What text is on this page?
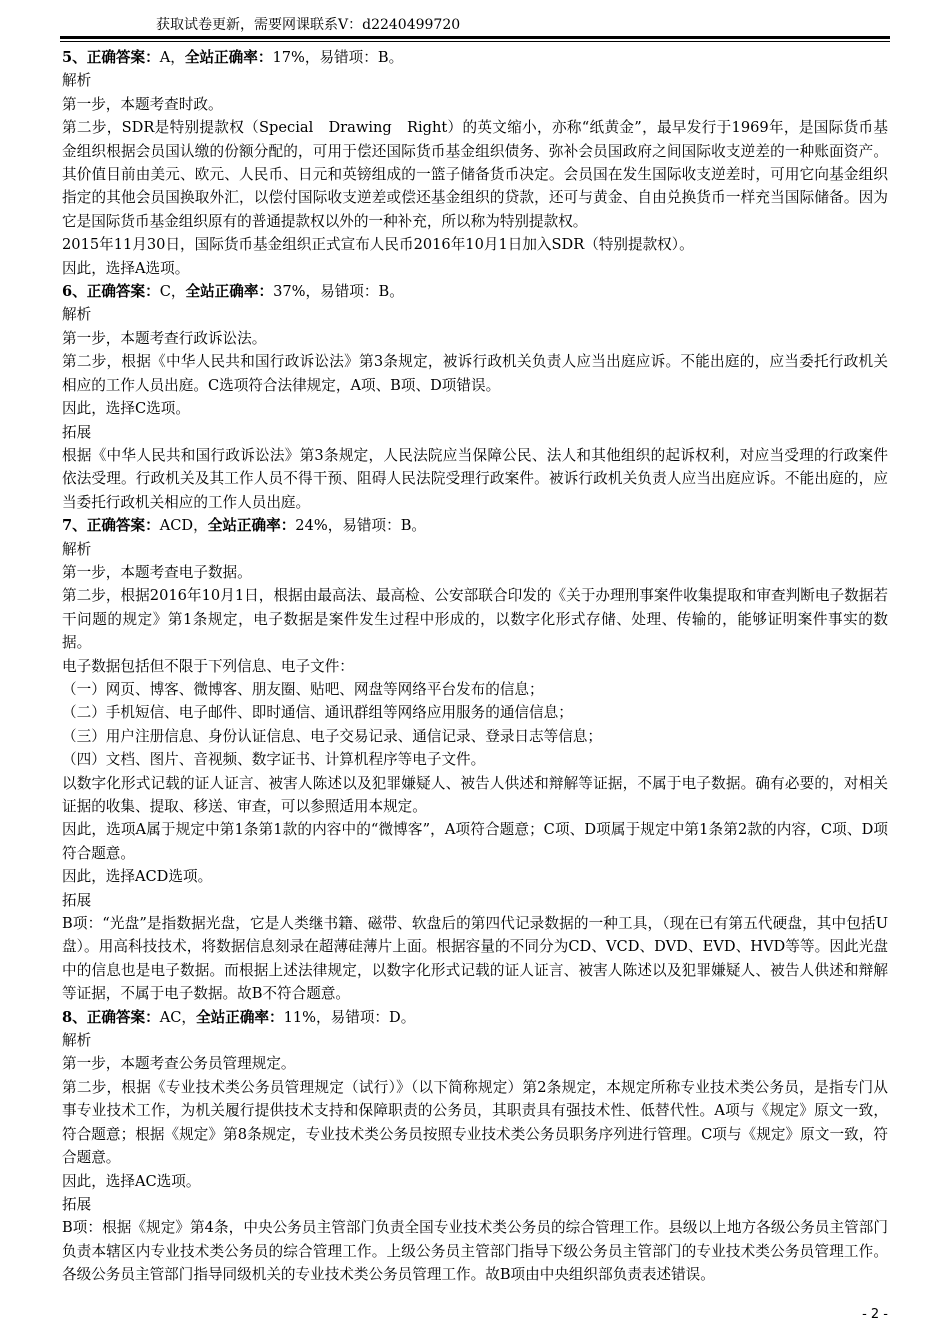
获取试卷更新，需要网课联系V：d2240499720

5、正确答案：A，全站正确率：17%，易错项：B。

解析

第一步，本题考查时政。

第二步，SDR是特别提款权（Special　Drawing　Right）的英文缩小，亦称“纸黄金”，最早发行于1969年，是国际货币基金组织根据会员国认缴的份额分配的，可用于偿还国际货币基金组织债务、弥补会员国政府之间国际收支逆差的一种账面资产。其价值目前由美元、欧元、人民币、日元和英镑组成的一篮子储备货币决定。会员国在发生国际收支逆差时，可用它向基金组织指定的其他会员国换取外汇，以偿付国际收支逆差或偿还基金组织的贷款，还可与黄金、自由兑换货币一样充当国际储备。因为它是国际货币基金组织原有的普通提款权以外的一种补充，所以称为特别提款权。

2015年11月30日，国际货币基金组织正式宣布人民币2016年10月1日加入SDR（特别提款权）。

因此，选择A选项。

6、正确答案：C，全站正确率：37%，易错项：B。

解析

第一步，本题考查行政诉讼法。

第二步，根据《中华人民共和国行政诉讼法》第3条规定，被诉行政机关负责人应当出庭应诉。不能出庭的，应当委托行政机关相应的工作人员出庭。C选项符合法律规定，A项、B项、D项错误。

因此，选择C选项。

拓展

根据《中华人民共和国行政诉讼法》第3条规定，人民法院应当保障公民、法人和其他组织的起诉权利，对应当受理的行政案件依法受理。行政机关及其工作人员不得干预、阻碍人民法院受理行政案件。被诉行政机关负责人应当出庭应诉。不能出庭的，应当委托行政机关相应的工作人员出庭。

7、正确答案：ACD，全站正确率：24%，易错项：B。

解析

第一步，本题考查电子数据。

第二步，根据2016年10月1日，根据由最高法、最高检、公安部联合印发的《关于办理刑事案件收集提取和审查判断电子数据若干问题的规定》第1条规定，电子数据是案件发生过程中形成的，以数字化形式存储、处理、传输的，能够证明案件事实的数据。

电子数据包括但不限于下列信息、电子文件：

（一）网页、博客、微博客、朋友圈、贴吧、网盘等网络平台发布的信息；

（二）手机短信、电子邮件、即时通信、通讯群组等网络应用服务的通信信息；

（三）用户注册信息、身份认证信息、电子交易记录、通信记录、登录日志等信息；

（四）文档、图片、音视频、数字证书、计算机程序等电子文件。

以数字化形式记载的证人证言、被害人陈述以及犯罪嫌疑人、被告人供述和辩解等证据，不属于电子数据。确有必要的，对相关证据的收集、提取、移送、审查，可以参照适用本规定。

因此，选项A属于规定中第1条第1款的内容中的“微博客”，A项符合题意；C项、D项属于规定中第1条第2款的内容，C项、D项符合题意。

因此，选择ACD选项。

拓展

B项：“光盘”是指数据光盘，它是人类继书籍、磁带、软盘后的第四代记录数据的一种工具，（现在已有第五代硬盘，其中包括U盘）。用高科技技术，将数据信息刻录在超薄硅薄片上面。根据容量的不同分为CD、VCD、DVD、EVD、HVD等等。因此光盘中的信息也是电子数据。而根据上述法律规定，以数字化形式记载的证人证言、被害人陈述以及犯罪嫌疑人、被告人供述和辩解等证据，不属于电子数据。故B不符合题意。

8、正确答案：AC，全站正确率：11%，易错项：D。

解析

第一步，本题考查公务员管理规定。

第二步，根据《专业技术类公务员管理规定（试行）》（以下简称规定）第2条规定，本规定所称专业技术类公务员，是指专门从事专业技术工作，为机关履行提供技术支持和保障职责的公务员，其职责具有强技术性、低替代性。A项与《规定》原文一致，符合题意；根据《规定》第8条规定，专业技术类公务员按照专业技术类公务员职务序列进行管理。C项与《规定》原文一致，符合题意。

因此，选择AC选项。

拓展

B项：根据《规定》第4条，中央公务员主管部门负责全国专业技术类公务员的综合管理工作。县级以上地方各级公务员主管部门负责本辖区内专业技术类公务员的综合管理工作。上级公务员主管部门指导下级公务员主管部门的专业技术类公务员管理工作。各级公务员主管部门指导同级机关的专业技术类公务员管理工作。故B项由中央组织部负责表述错误。

- 2 -
